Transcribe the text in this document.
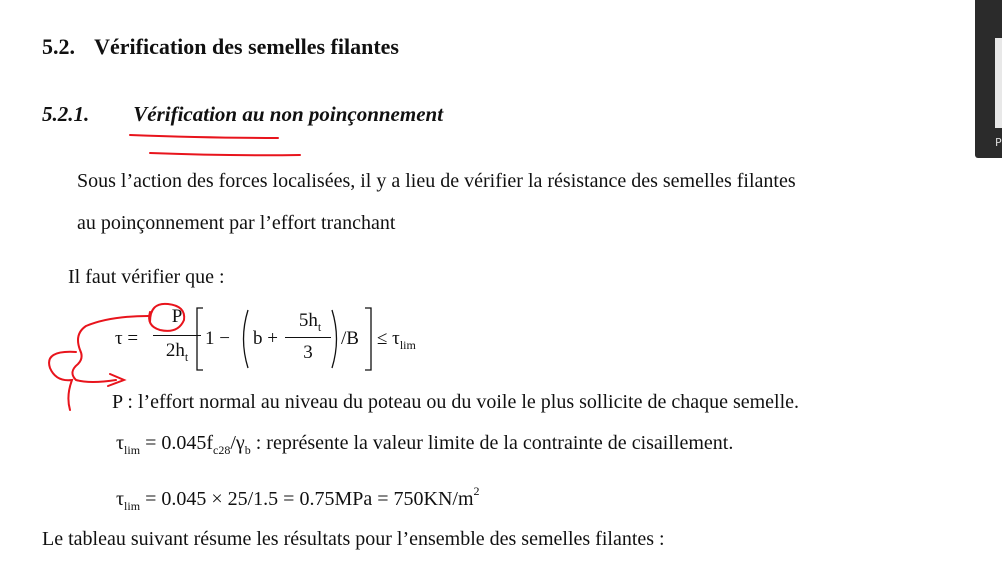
5.2. Vérification des semelles filantes
5.2.1. Vérification au non poinçonnement
Sous l’action des forces localisées, il y a lieu de vérifier la résistance des semelles filantes
au poinçonnement par l’effort tranchant
Il faut vérifier que :
τ =
P
$2h_t$
1 − b +
$5h_t$
3
$/B \le \tau_{lim}$
P : l’effort normal au niveau du poteau ou du voile le plus sollicite de chaque semelle.
$\tau_{lim} = 0.045f_{c28}/\gamma_b$ : représente la valeur limite de la contrainte de cisaillement.
$\tau_{lim} = 0.045 \times 25/1.5 = 0.75MPa = 750KN/m^2$
Le tableau suivant résume les résultats pour l’ensemble des semelles filantes :
P
